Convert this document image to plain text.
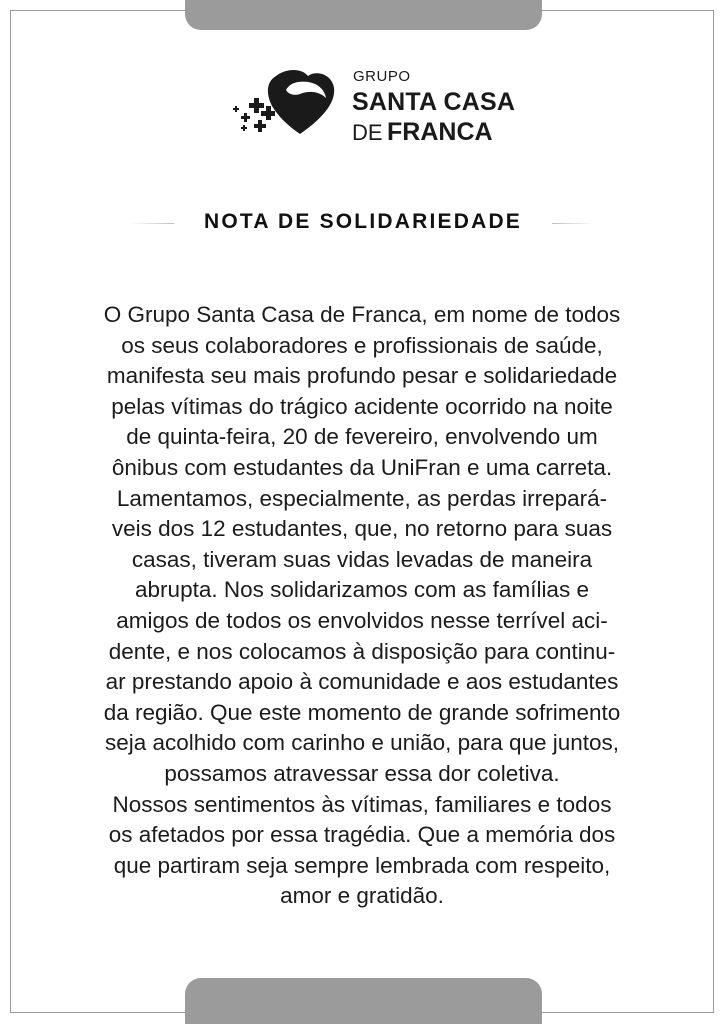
GRUPO
SANTA CASA
DE FRANCA
NOTA DE SOLIDARIEDADE
O Grupo Santa Casa de Franca, em nome de todos
os seus colaboradores e profissionais de saúde,
manifesta seu mais profundo pesar e solidariedade
pelas vítimas do trágico acidente ocorrido na noite
de quinta-feira, 20 de fevereiro, envolvendo um
ônibus com estudantes da UniFran e uma carreta.
Lamentamos, especialmente, as perdas irrepará-
veis dos 12 estudantes, que, no retorno para suas
casas, tiveram suas vidas levadas de maneira
abrupta. Nos solidarizamos com as famílias e
amigos de todos os envolvidos nesse terrível aci-
dente, e nos colocamos à disposição para continu-
ar prestando apoio à comunidade e aos estudantes
da região. Que este momento de grande sofrimento
seja acolhido com carinho e união, para que juntos,
possamos atravessar essa dor coletiva.
Nossos sentimentos às vítimas, familiares e todos
os afetados por essa tragédia. Que a memória dos
que partiram seja sempre lembrada com respeito,
amor e gratidão.
